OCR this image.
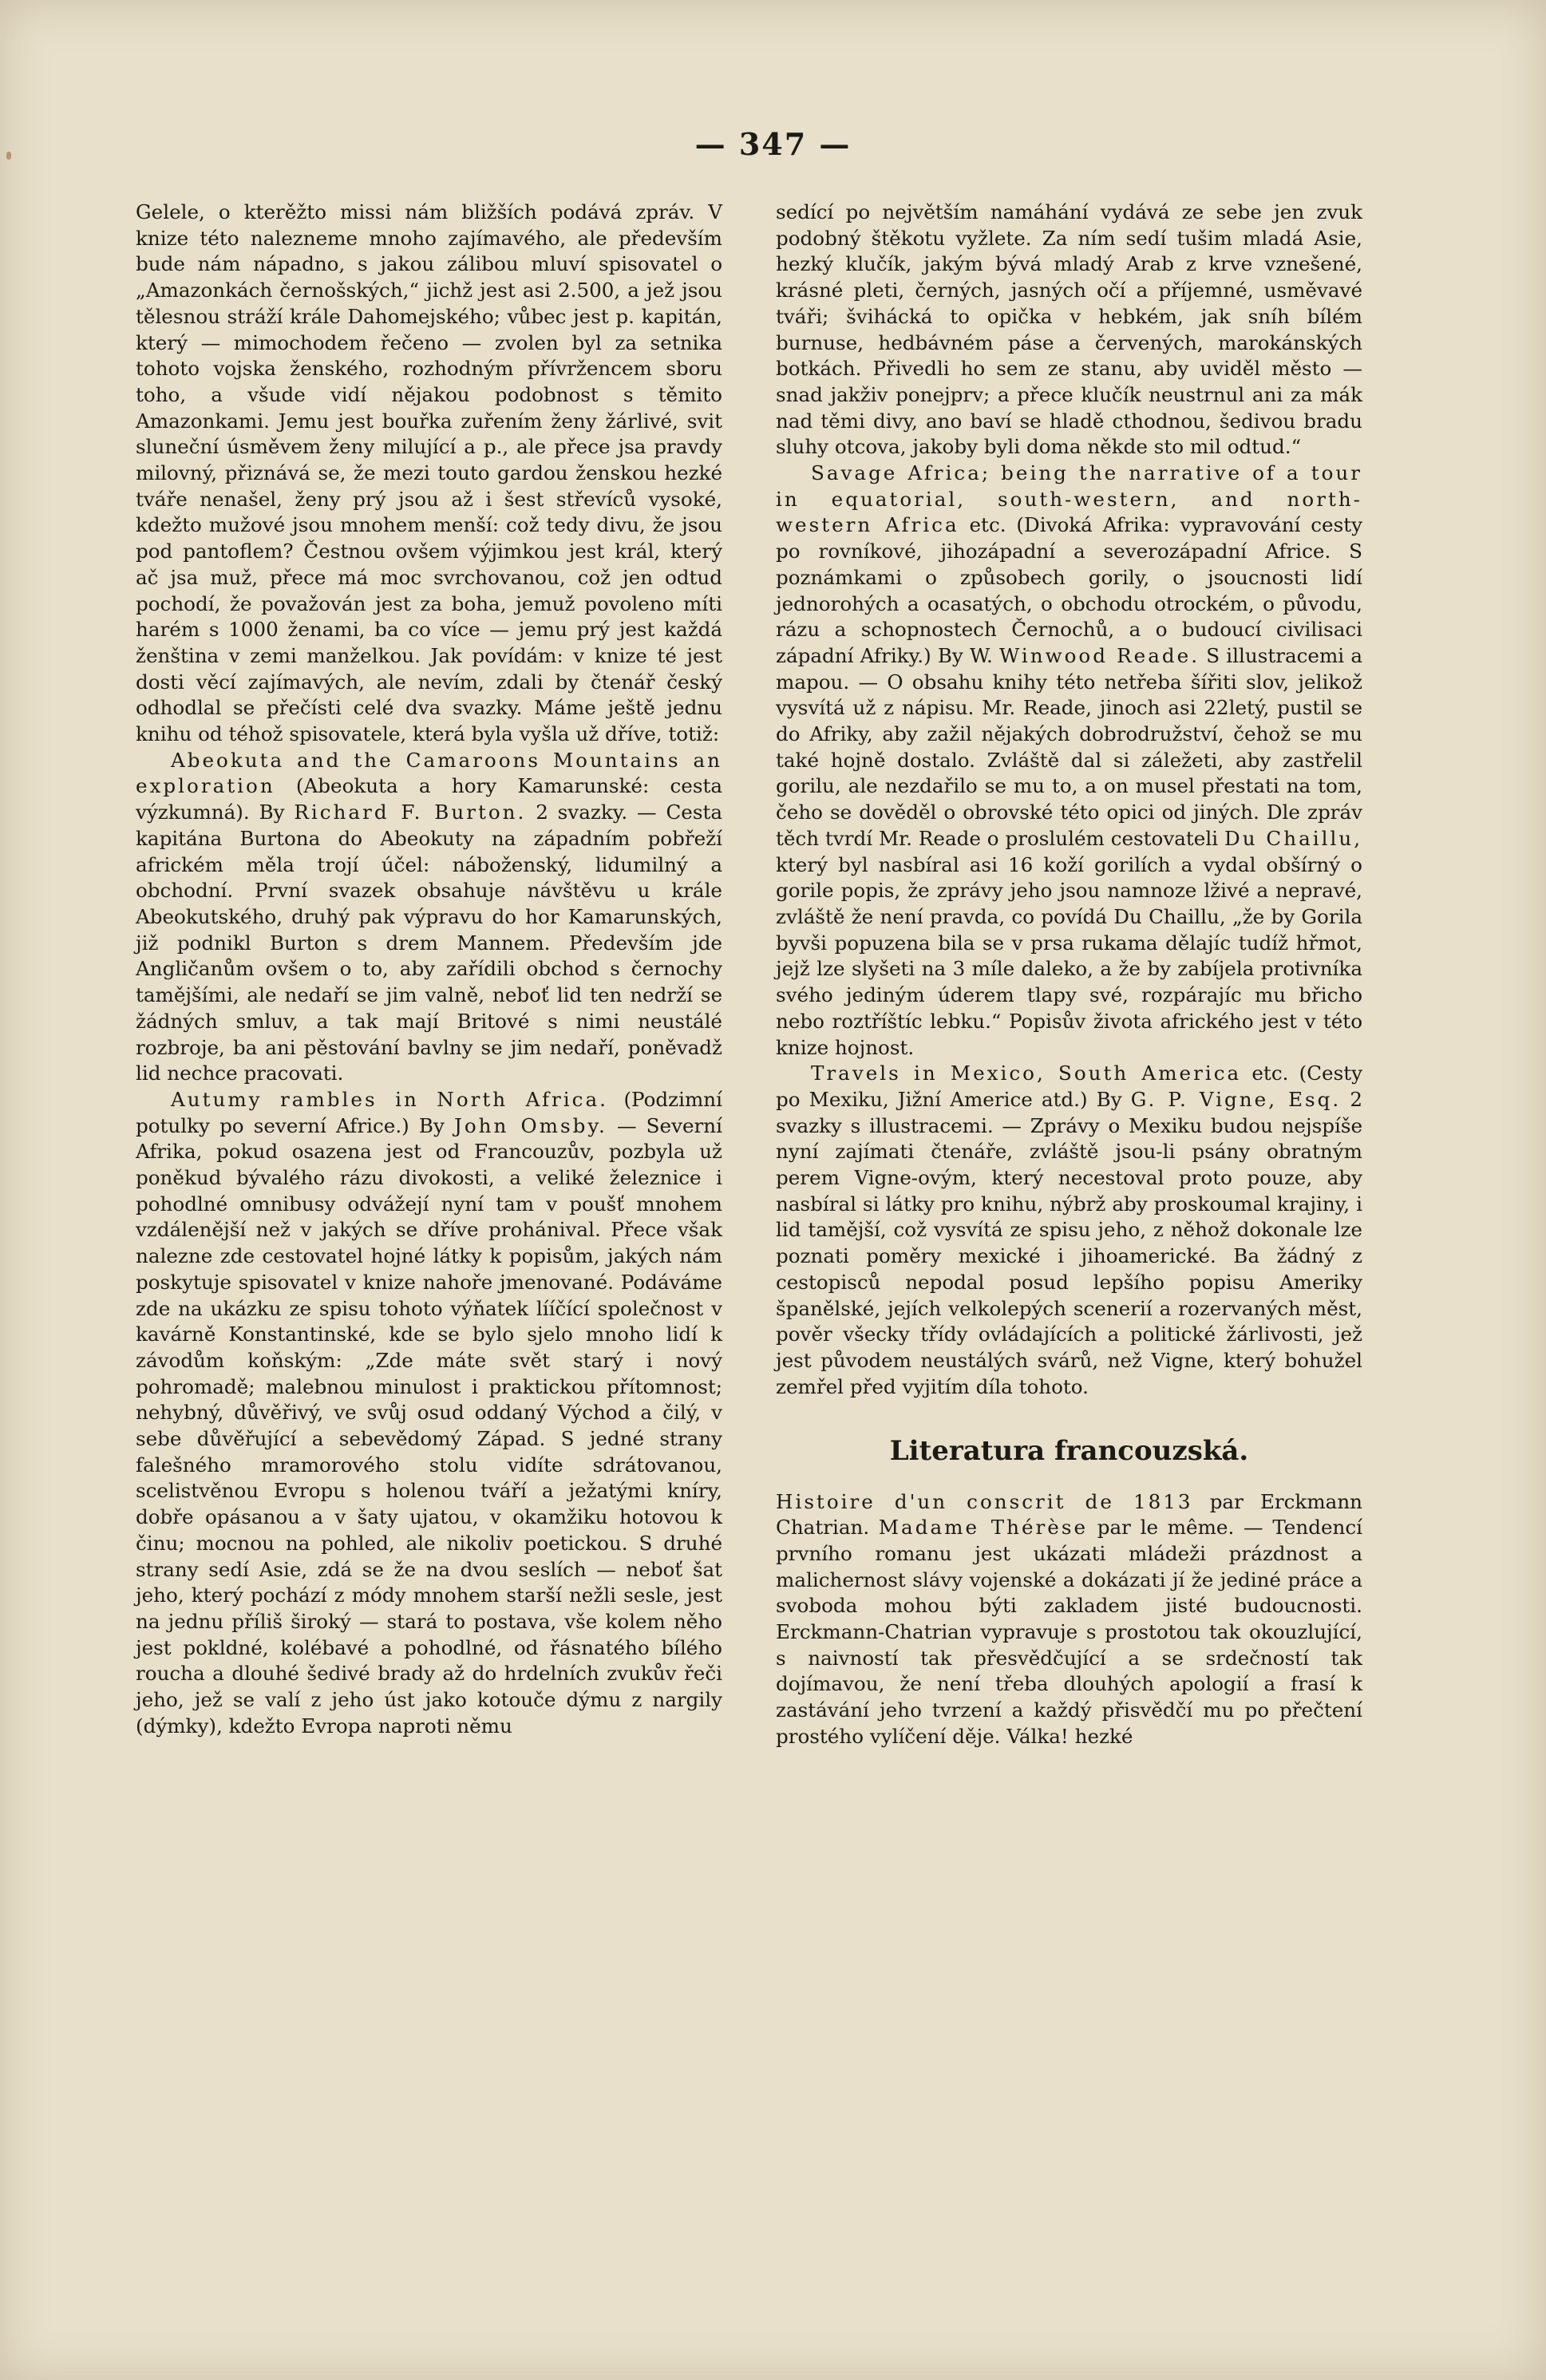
— 347 —

Gelele, o kterěžto missi nám bližších podává zpráv. V knize této nalezneme mnoho zajímavého, ale především bude nám nápadno, s jakou zálibou mluví spisovatel o „Amazonkách černošských,“ jichž jest asi 2.500, a jež jsou tělesnou stráží krále Dahomejského; vůbec jest p. kapitán, který — mimochodem řečeno — zvolen byl za setnika tohoto vojska ženského, rozhodným přívržencem sboru toho, a všude vidí nějakou podobnost s těmito Amazonkami. Jemu jest bouřka zuřením ženy žárlivé, svit sluneční úsměvem ženy milující a p., ale přece jsa pravdy milovný, přiznává se, že mezi touto gardou ženskou hezké tváře nenašel, ženy prý jsou až i šest střevíců vysoké, kdežto mužové jsou mnohem menší: což tedy divu, že jsou pod pantoflem? Čestnou ovšem výjimkou jest král, který ač jsa muž, přece má moc svrchovanou, což jen odtud pochodí, že považován jest za boha, jemuž povoleno míti harém s 1000 ženami, ba co více — jemu prý jest každá ženština v zemi manželkou. Jak povídám: v knize té jest dosti věcí zajímavých, ale nevím, zdali by čtenář český odhodlal se přečísti celé dva svazky. Máme ještě jednu knihu od téhož spisovatele, která byla vyšla už dříve, totiž:

Abeokuta and the Camaroons Mountains an exploration (Abeokuta a hory Kamarunské: cesta výzkumná). By Richard F. Burton. 2 svazky. — Cesta kapitána Burtona do Abeokuty na západním pobřeží africkém měla trojí účel: náboženský, lidumilný a obchodní. První svazek obsahuje návštěvu u krále Abeokutského, druhý pak výpravu do hor Kamarunských, již podnikl Burton s drem Mannem. Především jde Angličanům ovšem o to, aby zařídili obchod s černochy tamějšími, ale nedaří se jim valně, neboť lid ten nedrží se žádných smluv, a tak mají Britové s nimi neustálé rozbroje, ba ani pěstování bavlny se jim nedaří, poněvadž lid nechce pracovati.

Autumy rambles in North Africa. (Podzimní potulky po severní Africe.) By John Omsby. — Severní Afrika, pokud osazena jest od Francouzův, pozbyla už poněkud bývalého rázu divokosti, a veliké železnice i pohodlné omnibusy odvážejí nyní tam v poušť mnohem vzdálenější než v jakých se dříve prohánival. Přece však nalezne zde cestovatel hojné látky k popisům, jakých nám poskytuje spisovatel v knize nahoře jmenované. Podáváme zde na ukázku ze spisu tohoto výňatek lííčící společnost v kavárně Konstantinské, kde se bylo sjelo mnoho lidí k závodům koňským: „Zde máte svět starý i nový pohromadě; malebnou minulost i praktickou přítomnost; nehybný, důvěřivý, ve svůj osud oddaný Východ a čilý, v sebe důvěřující a sebevědomý Západ. S jedné strany falešného mramorového stolu vidíte sdrátovanou, scelistvěnou Evropu s holenou tváří a ježatými kníry, dobře opásanou a v šaty ujatou, v okamžiku hotovou k činu; mocnou na pohled, ale nikoliv poetickou. S druhé strany sedí Asie, zdá se že na dvou seslích — neboť šat jeho, který pochází z módy mnohem starší nežli sesle, jest na jednu příliš široký — stará to postava, vše kolem něho jest pokldné, kolébavé a pohodlné, od řásnatého bílého roucha a dlouhé šedivé brady až do hrdelních zvukův řeči jeho, jež se valí z jeho úst jako kotouče dýmu z nargily (dýmky), kdežto Evropa naproti němu

sedící po největším namáhání vydává ze sebe jen zvuk podobný štěkotu vyžlete. Za ním sedí tušim mladá Asie, hezký klučík, jakým bývá mladý Arab z krve vznešené, krásné pleti, černých, jasných očí a příjemné, usměvavé tváři; švihácká to opička v hebkém, jak sníh bílém burnuse, hedbávném páse a červených, marokánských botkách. Přivedli ho sem ze stanu, aby uviděl město — snad jakživ ponejprv; a přece klučík neustrnul ani za mák nad těmi divy, ano baví se hladě cthodnou, šedivou bradu sluhy otcova, jakoby byli doma někde sto mil odtud.“

Savage Africa; being the narrative of a tour in equatorial, south-western, and north-western Africa etc. (Divoká Afrika: vypravování cesty po rovníkové, jihozápadní a severozápadní Africe. S poznámkami o způsobech gorily, o jsoucnosti lidí jednorohých a ocasatých, o obchodu otrockém, o původu, rázu a schopnostech Černochů, a o budoucí civilisaci západní Afriky.) By W. Winwood Reade. S illustracemi a mapou. — O obsahu knihy této netřeba šířiti slov, jelikož vysvítá už z nápisu. Mr. Reade, jinoch asi 22letý, pustil se do Afriky, aby zažil nějakých dobrodružství, čehož se mu také hojně dostalo. Zvláště dal si záležeti, aby zastřelil gorilu, ale nezdařilo se mu to, a on musel přestati na tom, čeho se dověděl o obrovské této opici od jiných. Dle zpráv těch tvrdí Mr. Reade o proslulém cestovateli Du Chaillu, který byl nasbíral asi 16 koží gorilích a vydal obšírný o gorile popis, že zprávy jeho jsou namnoze lživé a nepravé, zvláště že není pravda, co povídá Du Chaillu, „že by Gorila byvši popuzena bila se v prsa rukama dělajíc tudíž hřmot, jejž lze slyšeti na 3 míle daleko, a že by zabíjela protivníka svého jediným úderem tlapy své, rozpárajíc mu břicho nebo roztříštíc lebku.“ Popisův života afrického jest v této knize hojnost.

Travels in Mexico, South America etc. (Cesty po Mexiku, Jižní Americe atd.) By G. P. Vigne, Esq. 2 svazky s illustracemi. — Zprávy o Mexiku budou nejspíše nyní zajímati čtenáře, zvláště jsou-li psány obratným perem Vigne-ovým, který necestoval proto pouze, aby nasbíral si látky pro knihu, nýbrž aby proskoumal krajiny, i lid tamější, což vysvítá ze spisu jeho, z něhož dokonale lze poznati poměry mexické i jihoamerické. Ba žádný z cestopisců nepodal posud lepšího popisu Ameriky španělské, jejích velkolepých scenerií a rozervaných měst, pověr všecky třídy ovládajících a politické žárlivosti, jež jest původem neustálých svárů, než Vigne, který bohužel zemřel před vyjitím díla tohoto.

Literatura francouzská.

Histoire d'un conscrit de 1813 par Erckmann Chatrian. Madame Thérèse par le même. — Tendencí prvního romanu jest ukázati mládeži prázdnost a malichernost slávy vojenské a dokázati jí že jediné práce a svoboda mohou býti zakladem jisté budoucnosti. Erckmann-Chatrian vypravuje s prostotou tak okouzlující, s naivností tak přesvědčující a se srdečností tak dojímavou, že není třeba dlouhých apologií a frasí k zastávání jeho tvrzení a každý přisvědčí mu po přečtení prostého vylíčení děje. Válka! hezké
